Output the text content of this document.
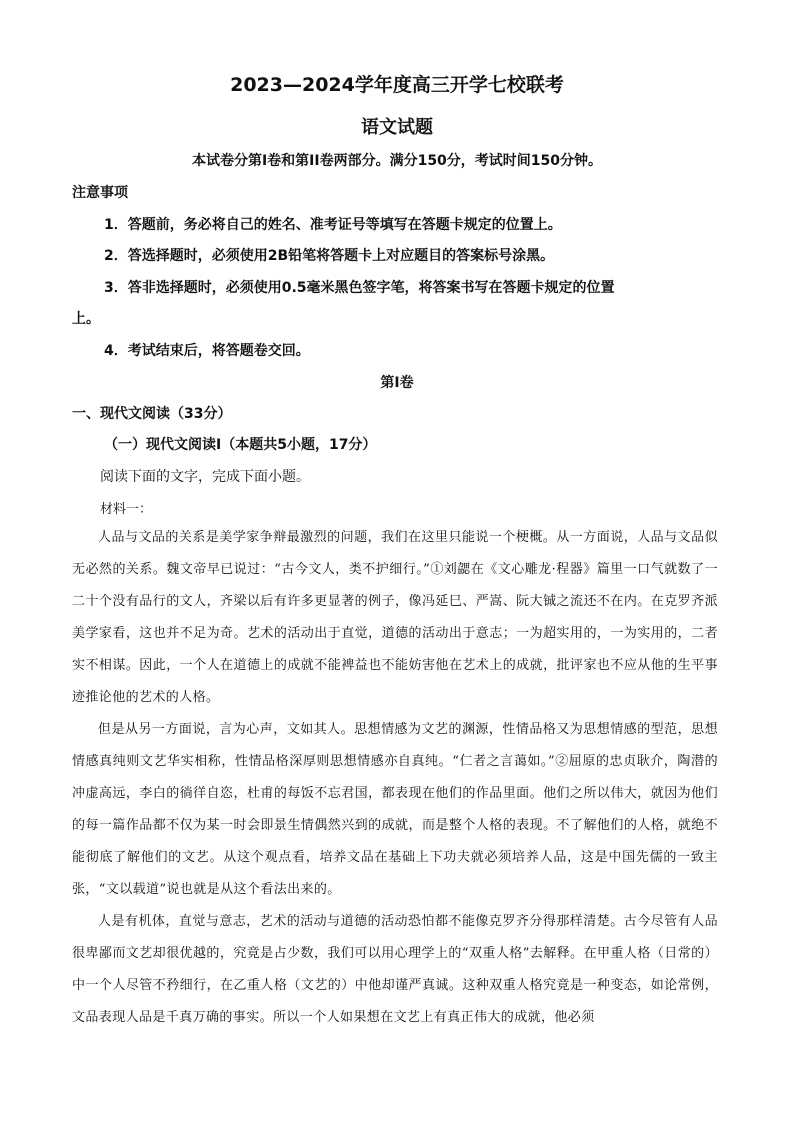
2023—2024学年度高三开学七校联考
语文试题
本试卷分第I卷和第II卷两部分。满分150分，考试时间150分钟。
注意事项
1．答题前，务必将自己的姓名、准考证号等填写在答题卡规定的位置上。
2．答选择题时，必须使用2B铅笔将答题卡上对应题目的答案标号涂黑。
3．答非选择题时，必须使用0.5毫米黑色签字笔，将答案书写在答题卡规定的位置
上。
4．考试结束后，将答题卷交回。
第I卷
一、现代文阅读（33分）
（一）现代文阅读I（本题共5小题，17分）
阅读下面的文字，完成下面小题。
材料一：

人品与文品的关系是美学家争辩最激烈的问题，我们在这里只能说一个梗概。从一方面说，人品与文品似无必然的关系。魏文帝早已说过：“古今文人，类不护细行。”①刘勰在《文心雕龙·程器》篇里一口气就数了一二十个没有品行的文人，齐梁以后有许多更显著的例子，像冯延巳、严嵩、阮大铖之流还不在内。在克罗齐派美学家看，这也并不足为奇。艺术的活动出于直觉，道德的活动出于意志；一为超实用的，一为实用的，二者实不相谋。因此，一个人在道德上的成就不能裨益也不能妨害他在艺术上的成就，批评家也不应从他的生平事迹推论他的艺术的人格。

但是从另一方面说，言为心声，文如其人。思想情感为文艺的渊源，性情品格又为思想情感的型范，思想情感真纯则文艺华实相称，性情品格深厚则思想情感亦自真纯。“仁者之言蔼如。”②屈原的忠贞耿介，陶潜的冲虚高远，李白的徜徉自恣，杜甫的每饭不忘君国，都表现在他们的作品里面。他们之所以伟大，就因为他们的每一篇作品都不仅为某一时会即景生情偶然兴到的成就，而是整个人格的表现。不了解他们的人格，就绝不能彻底了解他们的文艺。从这个观点看，培养文品在基础上下功夫就必须培养人品，这是中国先儒的一致主张，“文以载道”说也就是从这个看法出来的。

人是有机体，直觉与意志，艺术的活动与道德的活动恐怕都不能像克罗齐分得那样清楚。古今尽管有人品很卑鄙而文艺却很优越的，究竟是占少数，我们可以用心理学上的“双重人格”去解释。在甲重人格（日常的）中一个人尽管不矜细行，在乙重人格（文艺的）中他却谨严真诚。这种双重人格究竟是一种变态，如论常例，文品表现人品是千真万确的事实。所以一个人如果想在文艺上有真正伟大的成就，他必须
